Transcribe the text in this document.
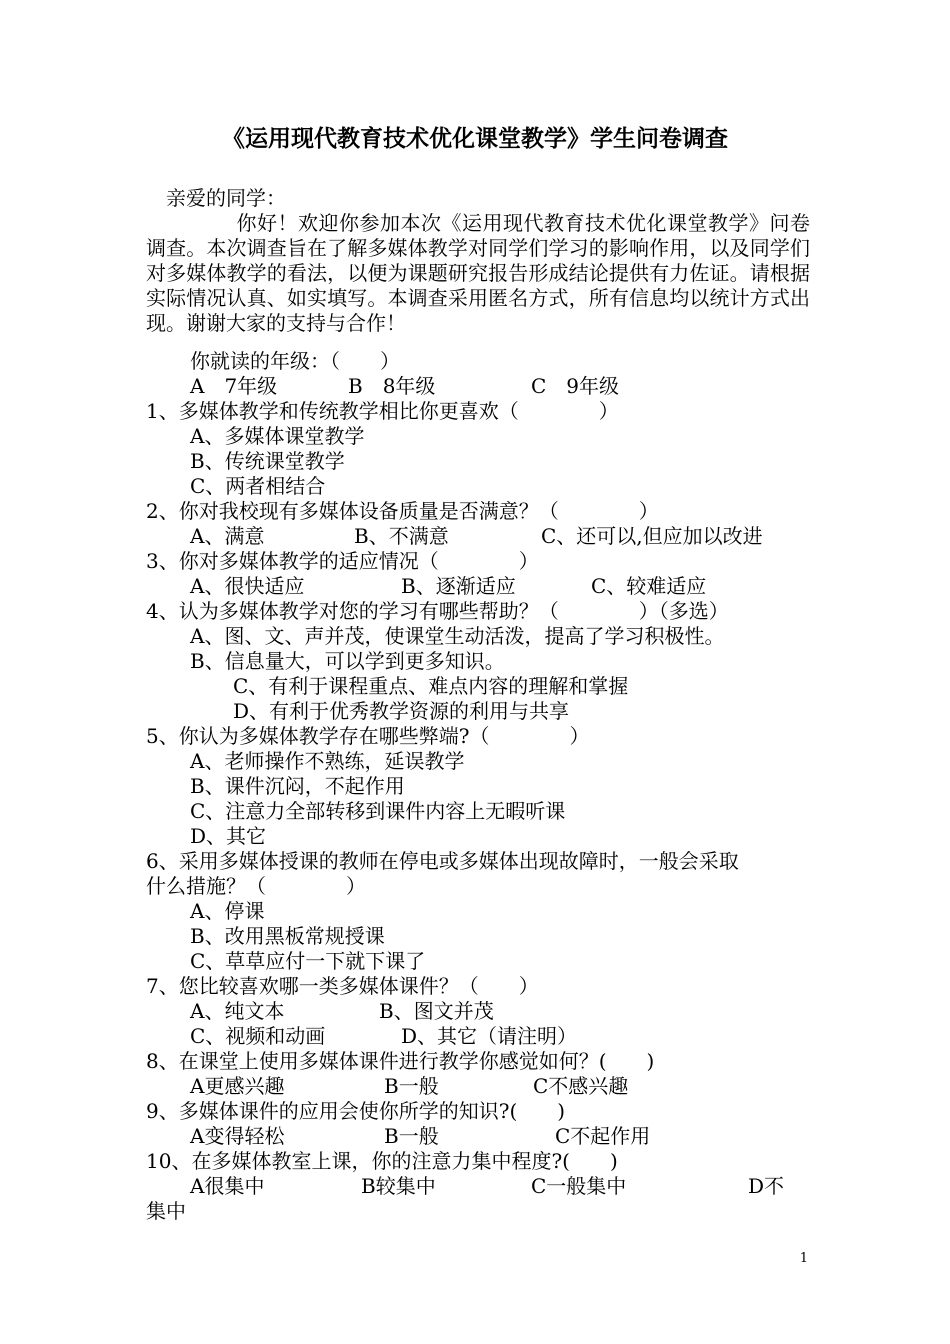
《运用现代教育技术优化课堂教学》学生问卷调查
亲爱的同学：
你好！欢迎你参加本次《运用现代教育技术优化课堂教学》问卷调查。本次调查旨在了解多媒体教学对同学们学习的影响作用，以及同学们对多媒体教学的看法，以便为课题研究报告形成结论提供有力佐证。请根据实际情况认真、如实填写。本调查采用匿名方式，所有信息均以统计方式出现。谢谢大家的支持与合作！
你就读的年级：（　　）
A　7年级	B　8年级	C　9年级
1、多媒体教学和传统教学相比你更喜欢（　　　　）
A、多媒体课堂教学
B、传统课堂教学
C、两者相结合
2、你对我校现有多媒体设备质量是否满意？（　　　　）
A、满意	B、不满意	C、还可以,但应加以改进
3、你对多媒体教学的适应情况（　　　　）
A、很快适应	B、逐渐适应	C、较难适应
4、认为多媒体教学对您的学习有哪些帮助？（　　　　）（多选）
A、图、文、声并茂，使课堂生动活泼，提高了学习积极性。
B、信息量大，可以学到更多知识。
C、有利于课程重点、难点内容的理解和掌握
D、有利于优秀教学资源的利用与共享
5、你认为多媒体教学存在哪些弊端?（　　　　）
A、老师操作不熟练，延误教学
B、课件沉闷，不起作用
C、注意力全部转移到课件内容上无暇听课
D、其它
6、采用多媒体授课的教师在停电或多媒体出现故障时，一般会采取
什么措施？（　　　　）
A、停课
B、改用黑板常规授课
C、草草应付一下就下课了
7、您比较喜欢哪一类多媒体课件？（　　）
A、纯文本	B、图文并茂
C、视频和动画	D、其它（请注明）
8、在课堂上使用多媒体课件进行教学你感觉如何？(　　)
A更感兴趣	B一般	C不感兴趣
9、多媒体课件的应用会使你所学的知识?(　　)
A变得轻松	B一般	C不起作用
10、在多媒体教室上课，你的注意力集中程度?(　　)
A很集中	B较集中	C一般集中	D不
集中
1
